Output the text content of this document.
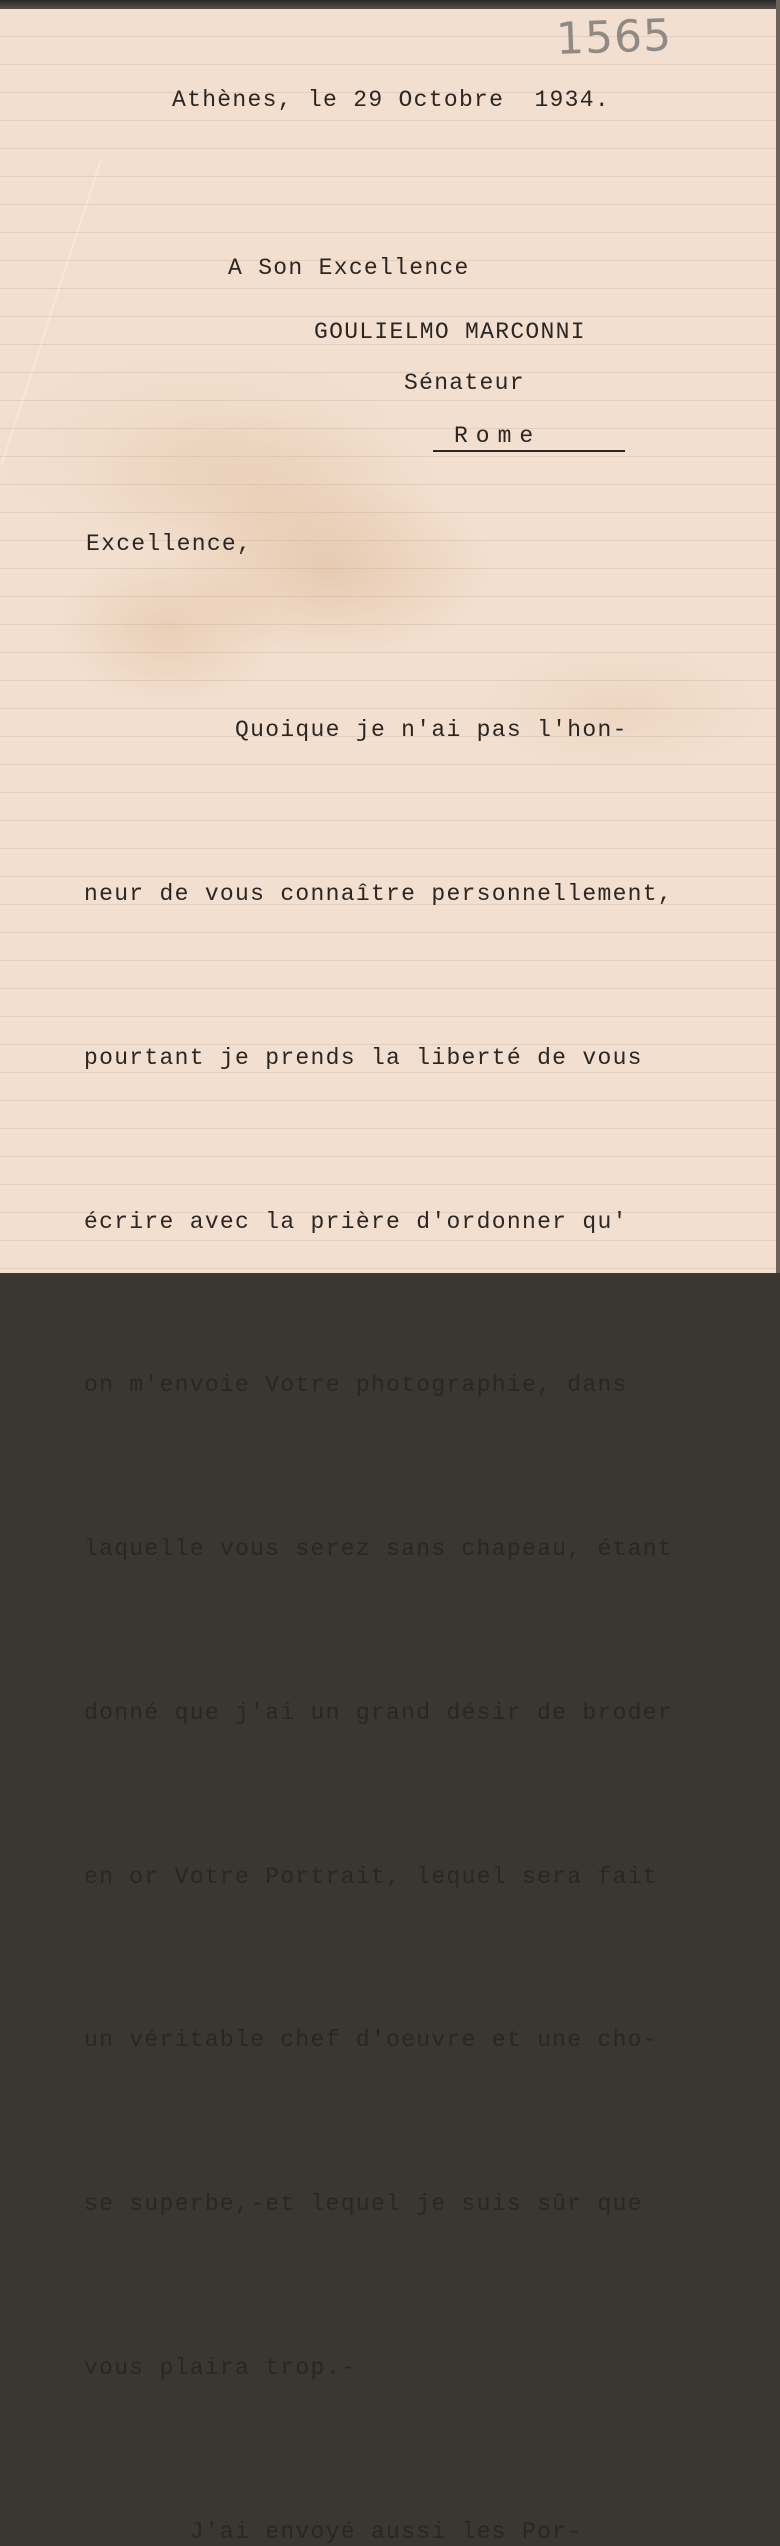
1565

Athènes, le 29 Octobre  1934.

A Son Excellence

GOULIELMO MARCONNI

Sénateur

Rome

Excellence,

Quoique je n'ai pas l'hon-

neur de vous connaître personnellement,

pourtant je prends la liberté de vous

écrire avec la prière d'ordonner qu'

on m'envoie Votre photographie, dans

laquelle vous serez sans chapeau, étant

donné que j'ai un grand désir de broder

en or Votre Portrait, lequel sera fait

un véritable chef d'oeuvre et une cho-

se superbe,-et lequel je suis sûr que

vous plaira trop.-

J'ai envoyé aussi les Por-
